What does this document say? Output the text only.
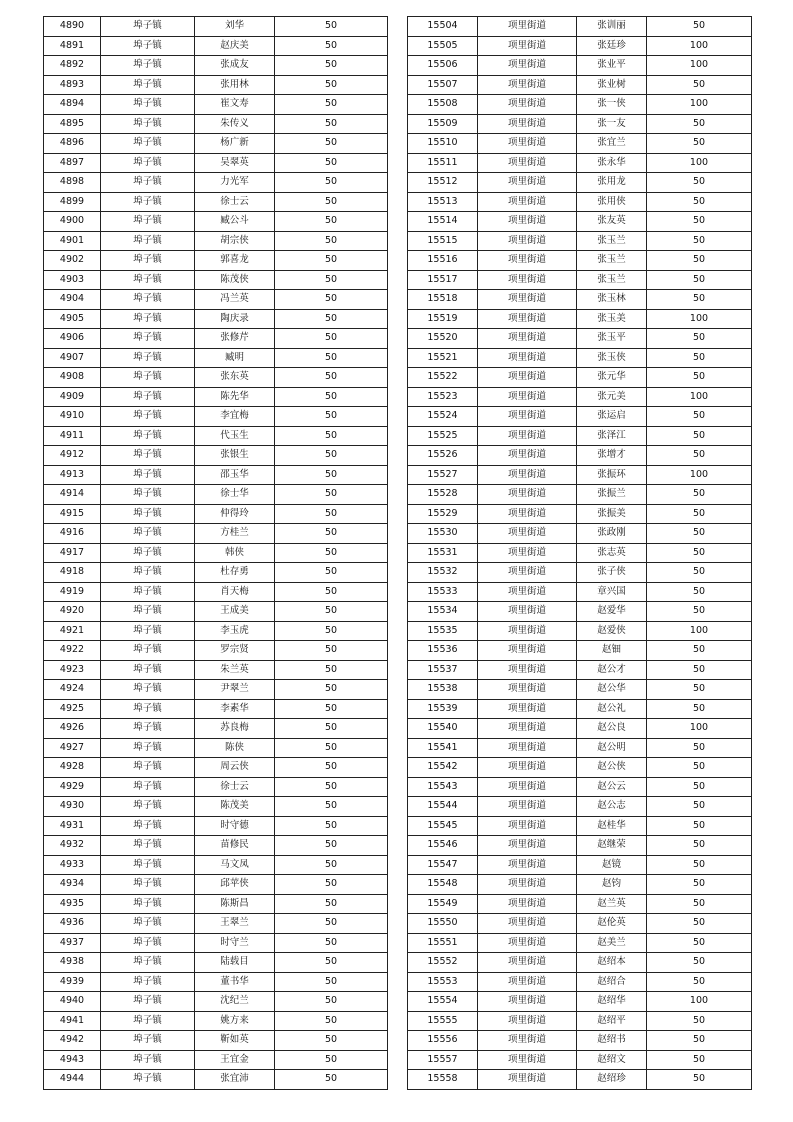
4890	埠子镇	刘华	50
4891	埠子镇	赵庆美	50
4892	埠子镇	张成友	50
4893	埠子镇	张用林	50
4894	埠子镇	崔文寿	50
4895	埠子镇	朱传义	50
4896	埠子镇	杨广新	50
4897	埠子镇	吴翠英	50
4898	埠子镇	力光军	50
4899	埠子镇	徐士云	50
4900	埠子镇	臧公斗	50
4901	埠子镇	胡宗侠	50
4902	埠子镇	郭喜龙	50
4903	埠子镇	陈茂侠	50
4904	埠子镇	冯兰英	50
4905	埠子镇	陶庆录	50
4906	埠子镇	张修芹	50
4907	埠子镇	臧明	50
4908	埠子镇	张东英	50
4909	埠子镇	陈先华	50
4910	埠子镇	李宜梅	50
4911	埠子镇	代玉生	50
4912	埠子镇	张银生	50
4913	埠子镇	邵玉华	50
4914	埠子镇	徐士华	50
4915	埠子镇	仲得玲	50
4916	埠子镇	方桂兰	50
4917	埠子镇	韩侠	50
4918	埠子镇	杜存勇	50
4919	埠子镇	肖天梅	50
4920	埠子镇	王成美	50
4921	埠子镇	李玉虎	50
4922	埠子镇	罗宗贤	50
4923	埠子镇	朱兰英	50
4924	埠子镇	尹翠兰	50
4925	埠子镇	李素华	50
4926	埠子镇	苏良梅	50
4927	埠子镇	陈侠	50
4928	埠子镇	周云侠	50
4929	埠子镇	徐士云	50
4930	埠子镇	陈茂美	50
4931	埠子镇	时守德	50
4932	埠子镇	苗修民	50
4933	埠子镇	马文凤	50
4934	埠子镇	邱苹侠	50
4935	埠子镇	陈斯昌	50
4936	埠子镇	王翠兰	50
4937	埠子镇	时守兰	50
4938	埠子镇	陆载目	50
4939	埠子镇	董书华	50
4940	埠子镇	沈纪兰	50
4941	埠子镇	姚方来	50
4942	埠子镇	靳如英	50
4943	埠子镇	王宜金	50
4944	埠子镇	张宜沛	50
15504	项里街道	张训丽	50
15505	项里街道	张廷珍	100
15506	项里街道	张业平	100
15507	项里街道	张业树	50
15508	项里街道	张一侠	100
15509	项里街道	张一友	50
15510	项里街道	张宜兰	50
15511	项里街道	张永华	100
15512	项里街道	张用龙	50
15513	项里街道	张用侠	50
15514	项里街道	张友英	50
15515	项里街道	张玉兰	50
15516	项里街道	张玉兰	50
15517	项里街道	张玉兰	50
15518	项里街道	张玉林	50
15519	项里街道	张玉美	100
15520	项里街道	张玉平	50
15521	项里街道	张玉侠	50
15522	项里街道	张元华	50
15523	项里街道	张元美	100
15524	项里街道	张运启	50
15525	项里街道	张泽江	50
15526	项里街道	张增才	50
15527	项里街道	张振环	100
15528	项里街道	张振兰	50
15529	项里街道	张振美	50
15530	项里街道	张政刚	50
15531	项里街道	张志英	50
15532	项里街道	张子侠	50
15533	项里街道	章兴国	50
15534	项里街道	赵爱华	50
15535	项里街道	赵爱侠	100
15536	项里街道	赵钿	50
15537	项里街道	赵公才	50
15538	项里街道	赵公华	50
15539	项里街道	赵公礼	50
15540	项里街道	赵公良	100
15541	项里街道	赵公明	50
15542	项里街道	赵公侠	50
15543	项里街道	赵公云	50
15544	项里街道	赵公志	50
15545	项里街道	赵桂华	50
15546	项里街道	赵继荣	50
15547	项里街道	赵镜	50
15548	项里街道	赵钧	50
15549	项里街道	赵兰英	50
15550	项里街道	赵伦英	50
15551	项里街道	赵美兰	50
15552	项里街道	赵绍本	50
15553	项里街道	赵绍合	50
15554	项里街道	赵绍华	100
15555	项里街道	赵绍平	50
15556	项里街道	赵绍书	50
15557	项里街道	赵绍文	50
15558	项里街道	赵绍珍	50
